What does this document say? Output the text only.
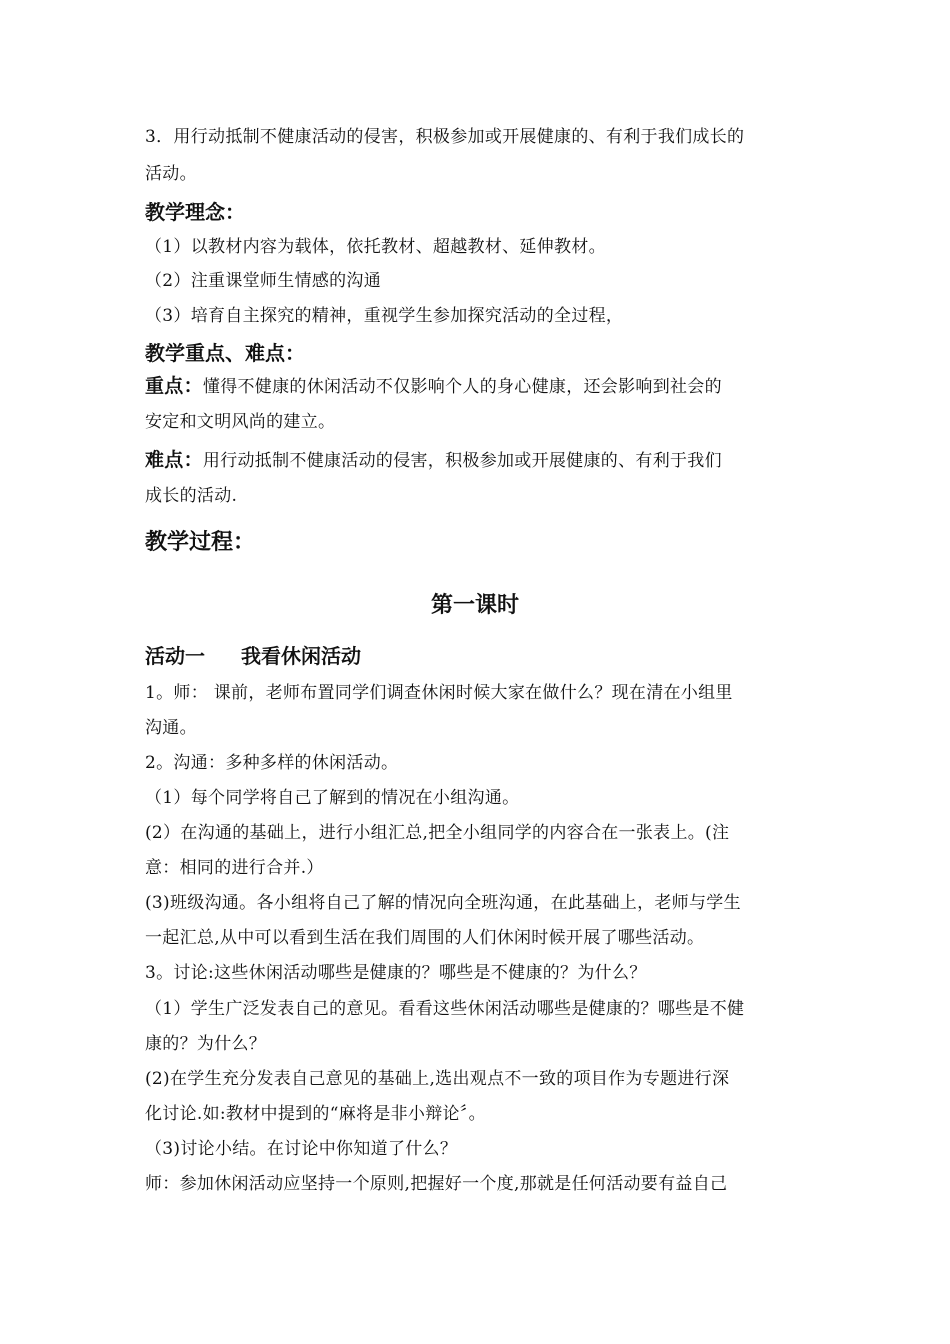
3．用行动抵制不健康活动的侵害，积极参加或开展健康的、有利于我们成长的
活动。
教学理念：
（1）以教材内容为载体，依托教材、超越教材、延伸教材。
（2）注重课堂师生情感的沟通
（3）培育自主探究的精神，重视学生参加探究活动的全过程，
教学重点、难点：
重点：懂得不健康的休闲活动不仅影响个人的身心健康，还会影响到社会的
安定和文明风尚的建立。
难点：用行动抵制不健康活动的侵害，积极参加或开展健康的、有利于我们
成长的活动.
教学过程：
第一课时
活动一 我看休闲活动
1。师： 课前，老师布置同学们调查休闲时候大家在做什么？现在清在小组里
沟通。
2。沟通：多种多样的休闲活动。
（1）每个同学将自己了解到的情况在小组沟通。
(2）在沟通的基础上，进行小组汇总,把全小组同学的内容合在一张表上。(注
意：相同的进行合并.）
(3)班级沟通。各小组将自己了解的情况向全班沟通，在此基础上，老师与学生
一起汇总,从中可以看到生活在我们周围的人们休闲时候开展了哪些活动。
3。讨论:这些休闲活动哪些是健康的？哪些是不健康的？为什么？
（1）学生广泛发表自己的意见。看看这些休闲活动哪些是健康的？哪些是不健
康的？为什么？
(2)在学生充分发表自己意见的基础上,选出观点不一致的项目作为专题进行深
化讨论.如:教材中提到的“麻将是非小辩论〞。
（3)讨论小结。在讨论中你知道了什么？
师：参加休闲活动应坚持一个原则,把握好一个度,那就是任何活动要有益自己
